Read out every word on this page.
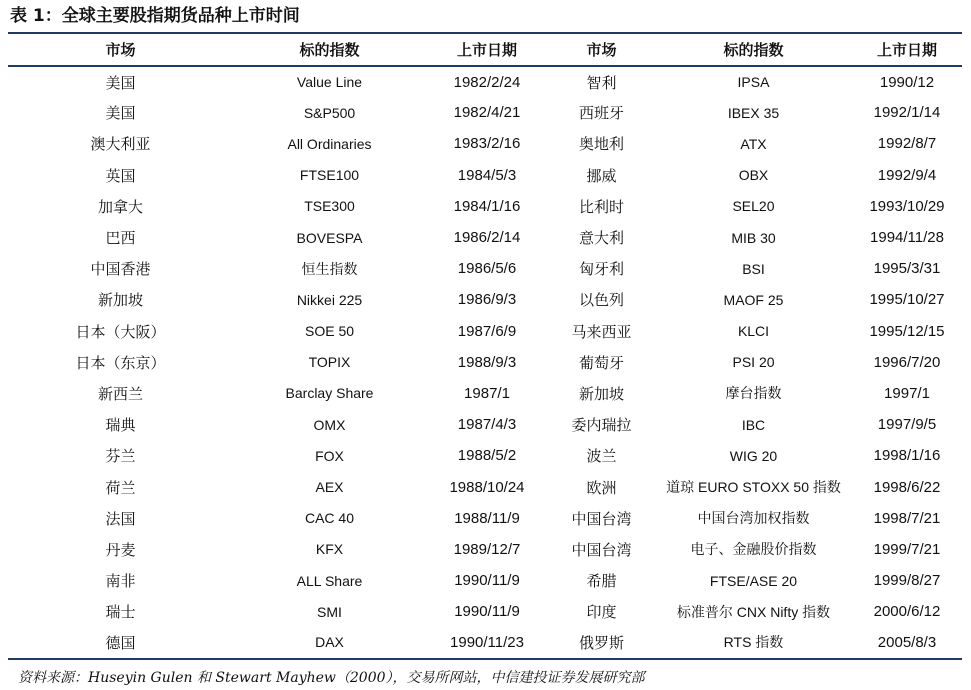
表 1：全球主要股指期货品种上市时间
市场	标的指数	上市日期	市场	标的指数	上市日期
美国	Value Line	1982/2/24	智利	IPSA	1990/12
美国	S&P500	1982/4/21	西班牙	IBEX 35	1992/1/14
澳大利亚	All Ordinaries	1983/2/16	奥地利	ATX	1992/8/7
英国	FTSE100	1984/5/3	挪威	OBX	1992/9/4
加拿大	TSE300	1984/1/16	比利时	SEL20	1993/10/29
巴西	BOVESPA	1986/2/14	意大利	MIB 30	1994/11/28
中国香港	恒生指数	1986/5/6	匈牙利	BSI	1995/3/31
新加坡	Nikkei 225	1986/9/3	以色列	MAOF 25	1995/10/27
日本（大阪）	SOE 50	1987/6/9	马来西亚	KLCI	1995/12/15
日本（东京）	TOPIX	1988/9/3	葡萄牙	PSI 20	1996/7/20
新西兰	Barclay Share	1987/1	新加坡	摩台指数	1997/1
瑞典	OMX	1987/4/3	委内瑞拉	IBC	1997/9/5
芬兰	FOX	1988/5/2	波兰	WIG 20	1998/1/16
荷兰	AEX	1988/10/24	欧洲	道琼 EURO STOXX 50 指数	1998/6/22
法国	CAC 40	1988/11/9	中国台湾	中国台湾加权指数	1998/7/21
丹麦	KFX	1989/12/7	中国台湾	电子、金融股价指数	1999/7/21
南非	ALL Share	1990/11/9	希腊	FTSE/ASE 20	1999/8/27
瑞士	SMI	1990/11/9	印度	标准普尔 CNX Nifty 指数	2000/6/12
德国	DAX	1990/11/23	俄罗斯	RTS 指数	2005/8/3
资料来源：Huseyin Gulen 和 Stewart Mayhew（2000），交易所网站，中信建投证券发展研究部
